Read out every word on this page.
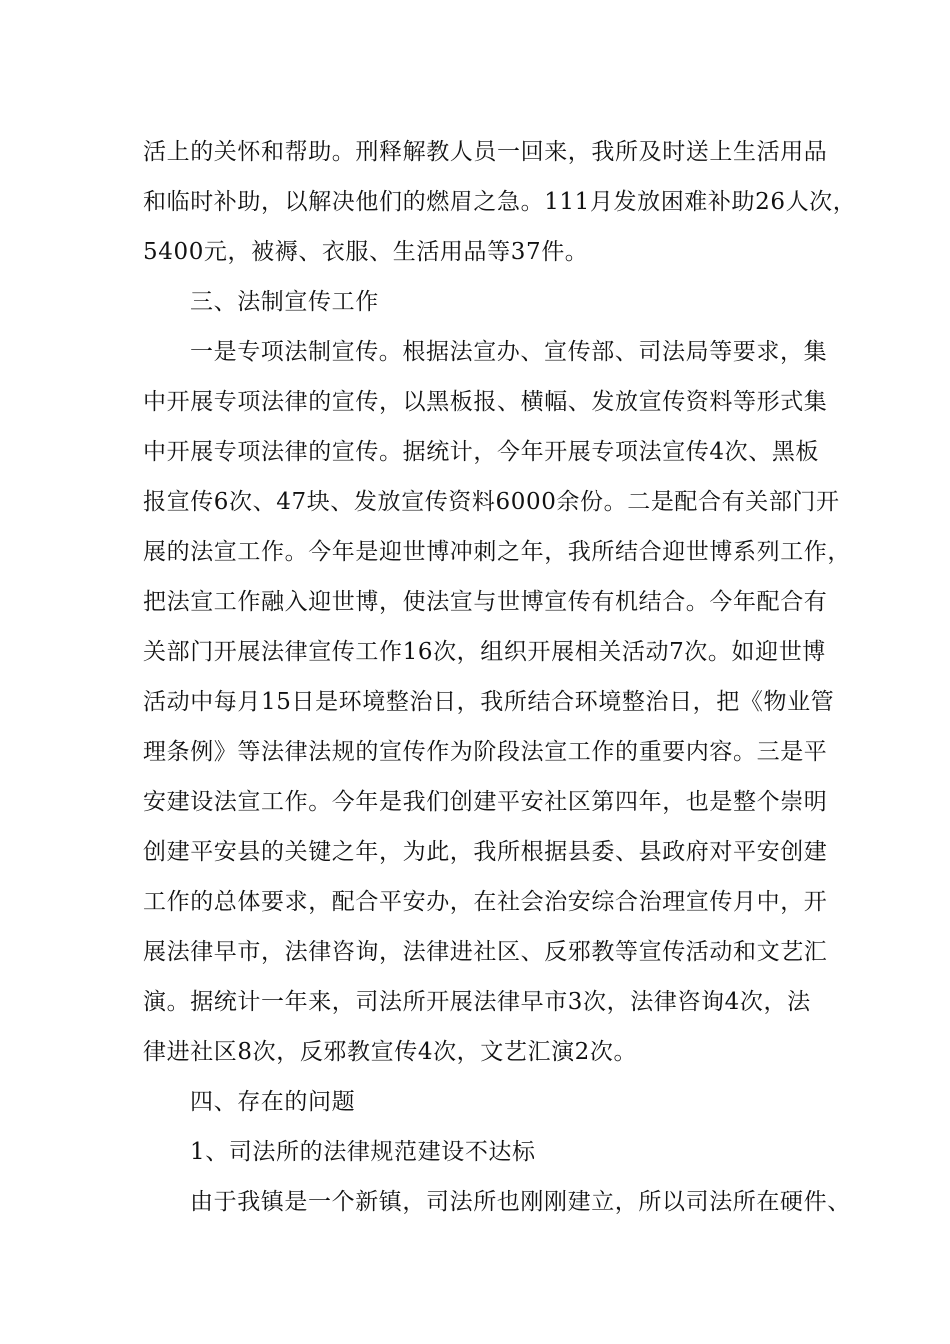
活上的关怀和帮助。刑释解教人员一回来，我所及时送上生活用品
和临时补助，以解决他们的燃眉之急。111月发放困难补助26人次，
5400元，被褥、衣服、生活用品等37件。
三、法制宣传工作
一是专项法制宣传。根据法宣办、宣传部、司法局等要求，集
中开展专项法律的宣传，以黑板报、横幅、发放宣传资料等形式集
中开展专项法律的宣传。据统计，今年开展专项法宣传4次、黑板
报宣传6次、47块、发放宣传资料6000余份。二是配合有关部门开
展的法宣工作。今年是迎世博冲刺之年，我所结合迎世博系列工作，
把法宣工作融入迎世博，使法宣与世博宣传有机结合。今年配合有
关部门开展法律宣传工作16次，组织开展相关活动7次。如迎世博
活动中每月15日是环境整治日，我所结合环境整治日，把《物业管
理条例》等法律法规的宣传作为阶段法宣工作的重要内容。三是平
安建设法宣工作。今年是我们创建平安社区第四年，也是整个崇明
创建平安县的关键之年，为此，我所根据县委、县政府对平安创建
工作的总体要求，配合平安办，在社会治安综合治理宣传月中，开
展法律早市，法律咨询，法律进社区、反邪教等宣传活动和文艺汇
演。据统计一年来，司法所开展法律早市3次，法律咨询4次，法
律进社区8次，反邪教宣传4次，文艺汇演2次。
四、存在的问题
1、司法所的法律规范建设不达标
由于我镇是一个新镇，司法所也刚刚建立，所以司法所在硬件、
